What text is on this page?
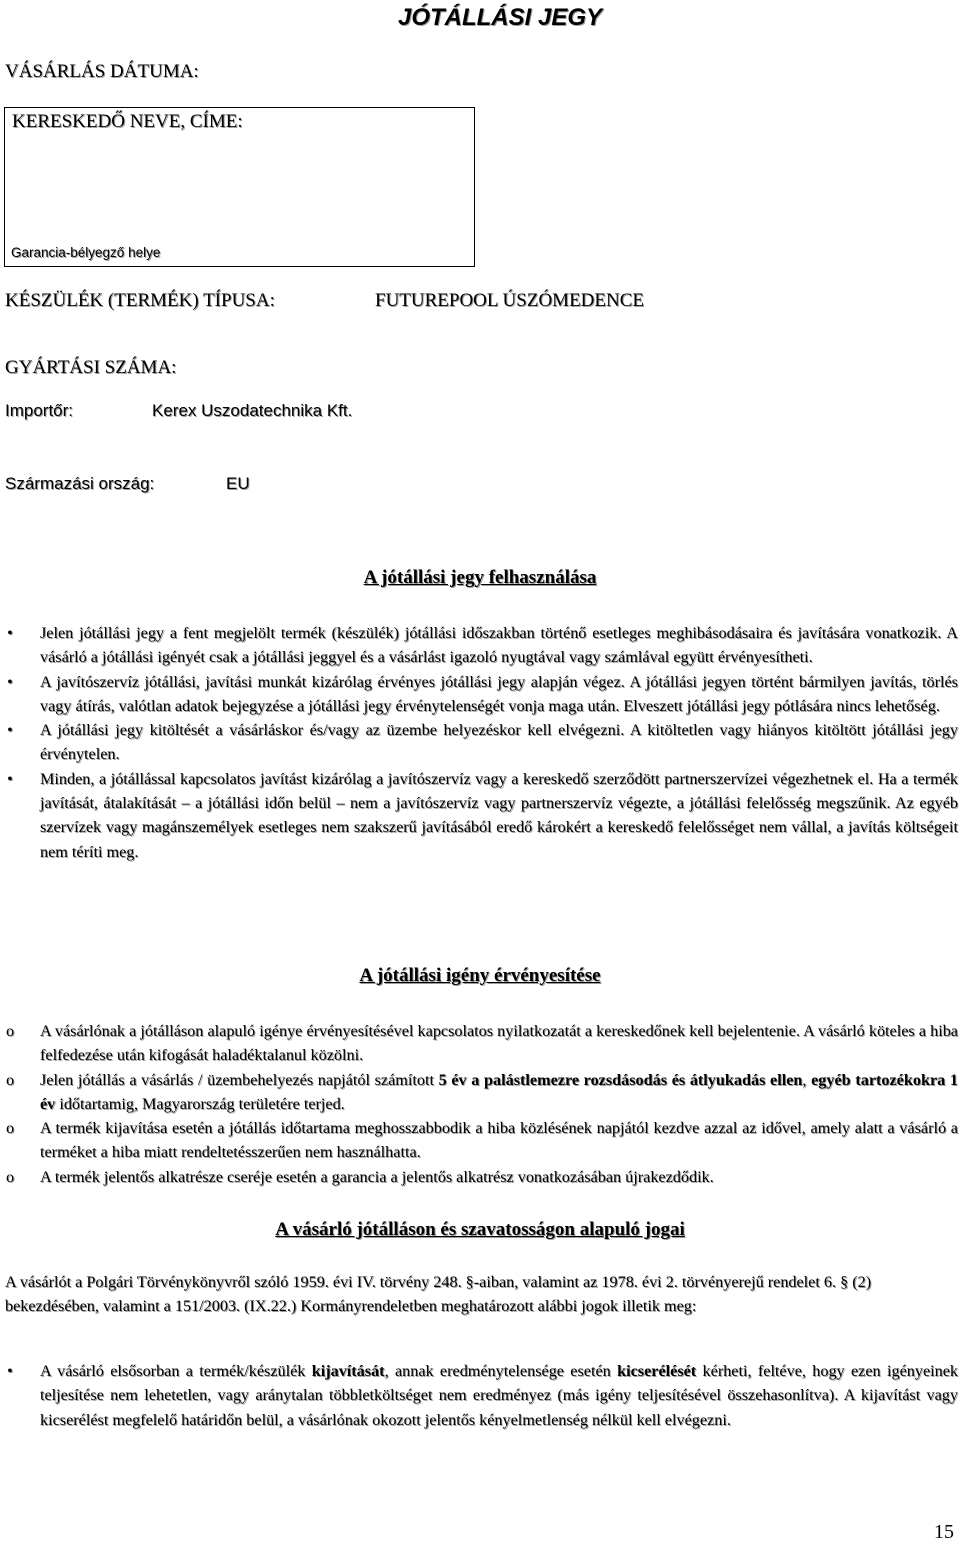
JÓTÁLLÁSI JEGY
VÁSÁRLÁS DÁTUMA:
KERESKEDŐ NEVE, CÍME:
Garancia-bélyegző helye
KÉSZÜLÉK (TERMÉK) TÍPUSA:	FUTUREPOOL ÚSZÓMEDENCE
GYÁRTÁSI SZÁMA:
Importőr:	Kerex Uszodatechnika Kft.
Származási ország:	EU
A jótállási jegy felhasználása
•	Jelen jótállási jegy a fent megjelölt termék (készülék) jótállási időszakban történő esetleges meghibásodásaira és javítására vonatkozik. A vásárló a jótállási igényét csak a jótállási jeggyel és a vásárlást igazoló nyugtával vagy számlával együtt érvényesítheti.
•	A javítószervíz jótállási, javítási munkát kizárólag érvényes jótállási jegy alapján végez. A jótállási jegyen történt bármilyen javítás, törlés vagy átírás, valótlan adatok bejegyzése a jótállási jegy érvénytelenségét vonja maga után. Elveszett jótállási jegy pótlására nincs lehetőség.
•	A jótállási jegy kitöltését a vásárláskor és/vagy az üzembe helyezéskor kell elvégezni. A kitöltetlen vagy hiányos kitöltött jótállási jegy érvénytelen.
•	Minden, a jótállással kapcsolatos javítást kizárólag a javítószervíz vagy a kereskedő szerződött partnerszervízei végezhetnek el. Ha a termék javítását, átalakítását – a jótállási időn belül – nem a javítószervíz vagy partnerszervíz végezte, a jótállási felelősség megszűnik. Az egyéb szervízek vagy magánszemélyek esetleges nem szakszerű javításából eredő károkért a kereskedő felelősséget nem vállal, a javítás költségeit nem téríti meg.
A jótállási igény érvényesítése
o	A vásárlónak a jótálláson alapuló igénye érvényesítésével kapcsolatos nyilatkozatát a kereskedőnek kell bejelentenie. A vásárló köteles a hiba felfedezése után kifogását haladéktalanul közölni.
o	Jelen jótállás a vásárlás / üzembehelyezés napjától számított 5 év a palástlemezre rozsdásodás és átlyukadás ellen, egyéb tartozékokra 1 év időtartamig, Magyarország területére terjed.
o	A termék kijavítása esetén a jótállás időtartama meghosszabbodik a hiba közlésének napjától kezdve azzal az idővel, amely alatt a vásárló a terméket a hiba miatt rendeltetésszerűen nem használhatta.
o	A termék jelentős alkatrésze cseréje esetén a garancia a jelentős alkatrész vonatkozásában újrakezdődik.
A vásárló jótálláson és szavatosságon alapuló jogai
A vásárlót a Polgári Törvénykönyvről szóló 1959. évi IV. törvény 248. §-aiban, valamint az 1978. évi 2. törvényerejű rendelet 6. § (2) bekezdésében, valamint a 151/2003. (IX.22.) Kormányrendeletben meghatározott alábbi jogok illetik meg:
•	A vásárló elsősorban a termék/készülék kijavítását, annak eredménytelensége esetén kicserélését kérheti, feltéve, hogy ezen igényeinek teljesítése nem lehetetlen, vagy aránytalan többletköltséget nem eredményez (más igény teljesítésével összehasonlítva). A kijavítást vagy kicserélést megfelelő határidőn belül, a vásárlónak okozott jelentős kényelmetlenség nélkül kell elvégezni.
15
